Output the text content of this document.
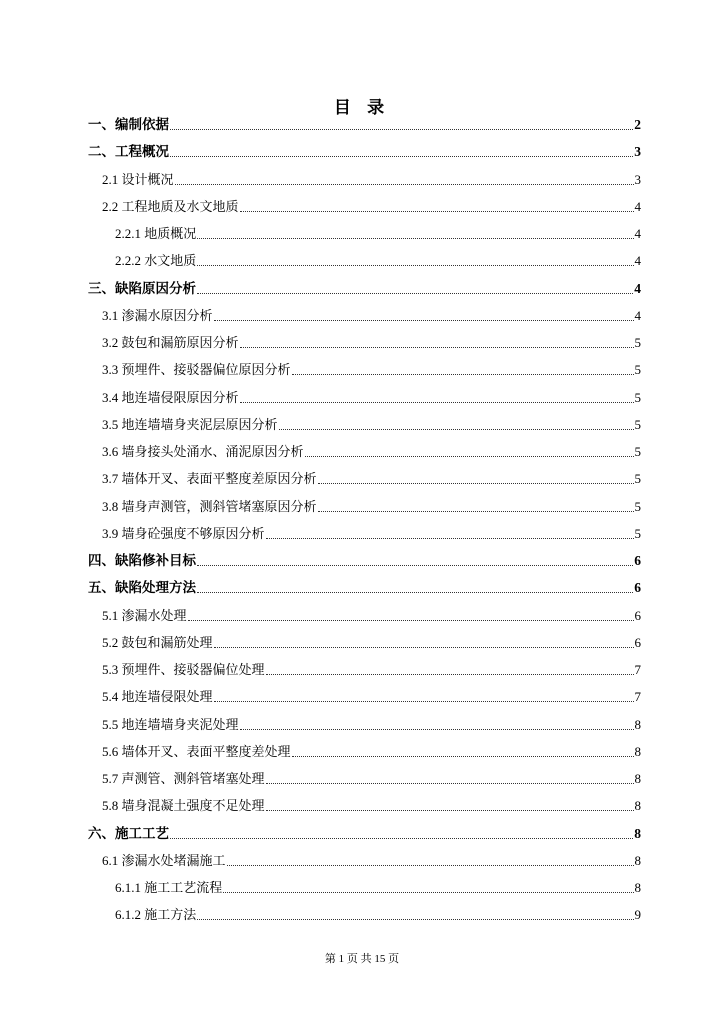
目 录
一、编制依据	2
二、工程概况	3
2.1 设计概况	3
2.2 工程地质及水文地质	4
2.2.1 地质概况	4
2.2.2 水文地质	4
三、缺陷原因分析	4
3.1 渗漏水原因分析	4
3.2 鼓包和漏筋原因分析	5
3.3 预埋件、接驳器偏位原因分析	5
3.4 地连墙侵限原因分析	5
3.5 地连墙墙身夹泥层原因分析	5
3.6 墙身接头处涌水、涌泥原因分析	5
3.7 墙体开叉、表面平整度差原因分析	5
3.8 墙身声测管，测斜管堵塞原因分析	5
3.9 墙身砼强度不够原因分析	5
四、缺陷修补目标	6
五、缺陷处理方法	6
5.1 渗漏水处理	6
5.2 鼓包和漏筋处理	6
5.3 预埋件、接驳器偏位处理	7
5.4 地连墙侵限处理	7
5.5 地连墙墙身夹泥处理	8
5.6 墙体开叉、表面平整度差处理	8
5.7 声测管、测斜管堵塞处理	8
5.8 墙身混凝土强度不足处理	8
六、施工工艺	8
6.1 渗漏水处堵漏施工	8
6.1.1 施工工艺流程	8
6.1.2 施工方法	9
第 1 页 共 15 页
